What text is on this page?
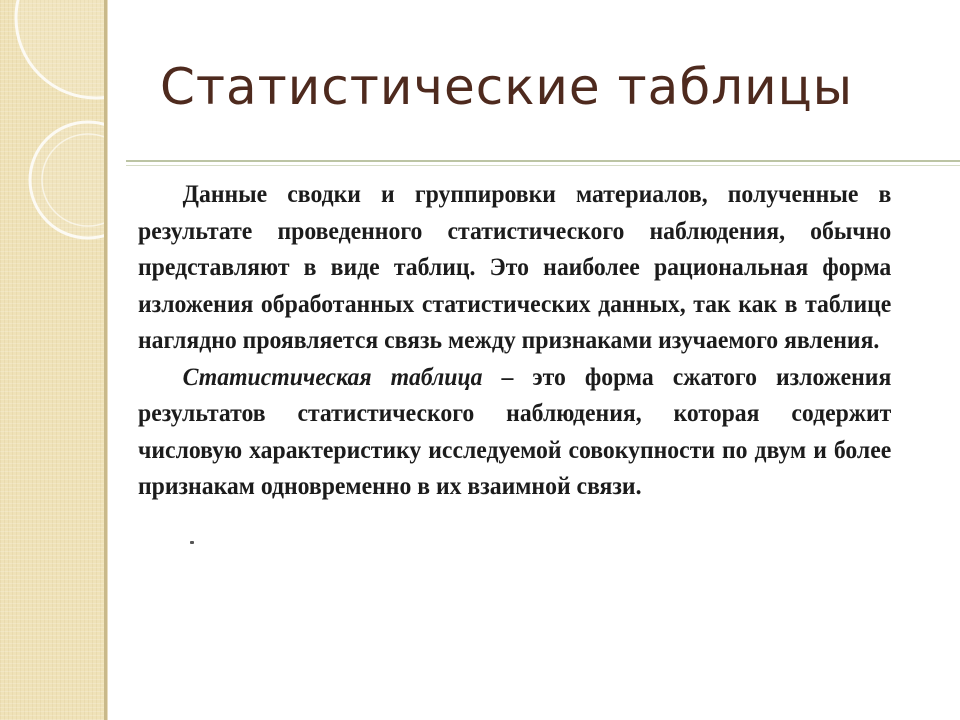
Статистические таблицы

Данные сводки и группировки материалов, полученные в результате проведенного статистического наблюдения, обычно представляют в виде таблиц. Это наиболее рациональная форма изложения обработанных статистических данных, так как в таблице наглядно проявляется связь между признаками изучаемого явления.

Статистическая таблица – это форма сжатого изложения результатов статистического наблюдения, которая содержит числовую характеристику исследуемой совокупности по двум и более признакам одновременно в их взаимной связи.
